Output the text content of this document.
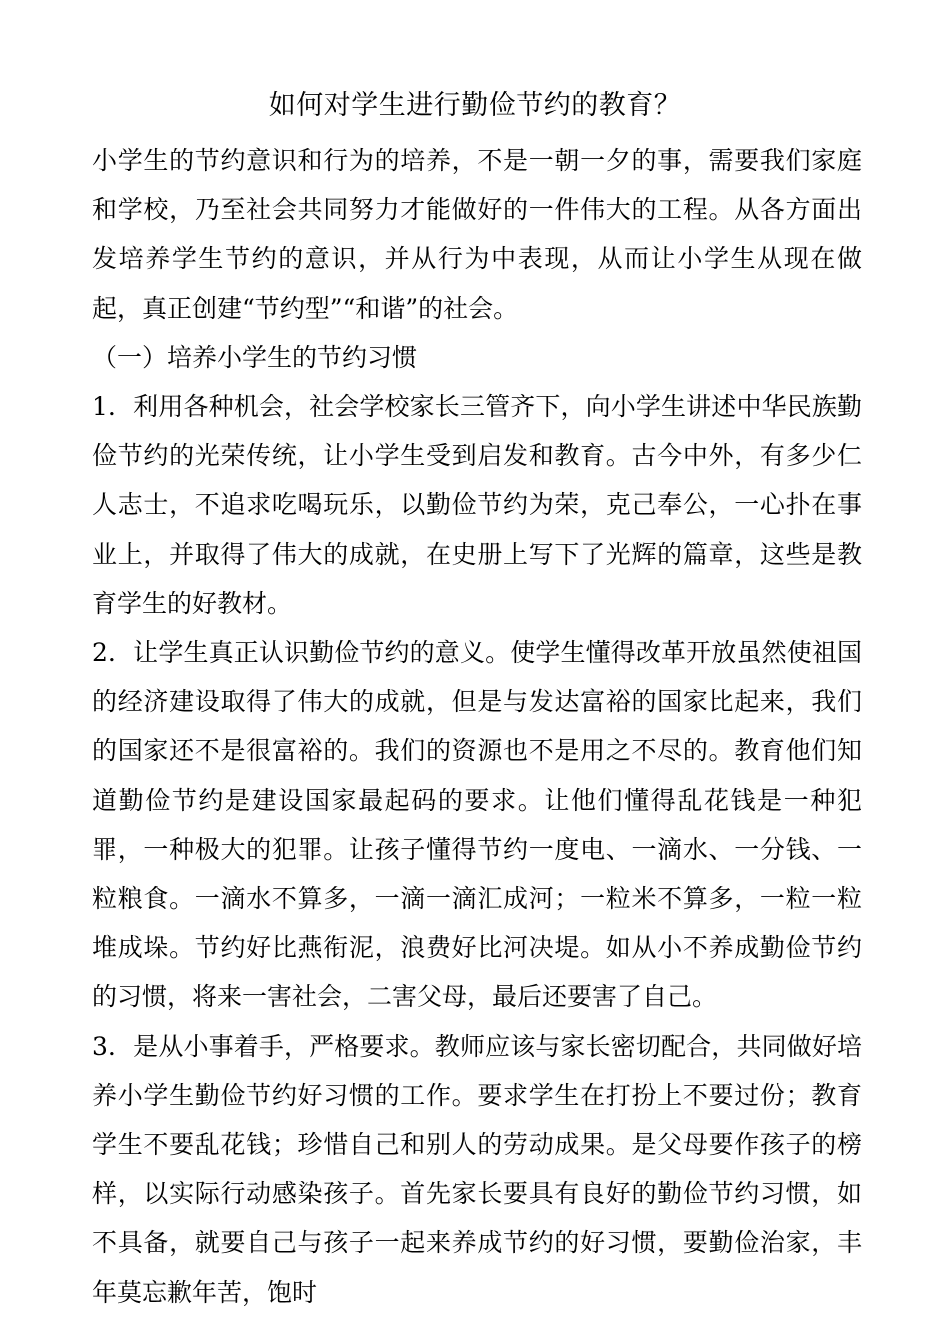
如何对学生进行勤俭节约的教育？

小学生的节约意识和行为的培养，不是一朝一夕的事，需要我们家庭和学校，乃至社会共同努力才能做好的一件伟大的工程。从各方面出发培养学生节约的意识，并从行为中表现，从而让小学生从现在做起，真正创建“节约型”“和谐”的社会。

（一）培养小学生的节约习惯

1．利用各种机会，社会学校家长三管齐下，向小学生讲述中华民族勤俭节约的光荣传统，让小学生受到启发和教育。古今中外，有多少仁人志士，不追求吃喝玩乐，以勤俭节约为荣，克己奉公，一心扑在事业上，并取得了伟大的成就，在史册上写下了光辉的篇章，这些是教育学生的好教材。

2．让学生真正认识勤俭节约的意义。使学生懂得改革开放虽然使祖国的经济建设取得了伟大的成就，但是与发达富裕的国家比起来，我们的国家还不是很富裕的。我们的资源也不是用之不尽的。教育他们知道勤俭节约是建设国家最起码的要求。让他们懂得乱花钱是一种犯罪，一种极大的犯罪。让孩子懂得节约一度电、一滴水、一分钱、一粒粮食。一滴水不算多，一滴一滴汇成河；一粒米不算多，一粒一粒堆成垛。节约好比燕衔泥，浪费好比河决堤。如从小不养成勤俭节约的习惯，将来一害社会，二害父母，最后还要害了自己。

3．是从小事着手，严格要求。教师应该与家长密切配合，共同做好培养小学生勤俭节约好习惯的工作。要求学生在打扮上不要过份；教育学生不要乱花钱；珍惜自己和别人的劳动成果。是父母要作孩子的榜样，以实际行动感染孩子。首先家长要具有良好的勤俭节约习惯，如不具备，就要自己与孩子一起来养成节约的好习惯，要勤俭治家，丰年莫忘歉年苦，饱时
